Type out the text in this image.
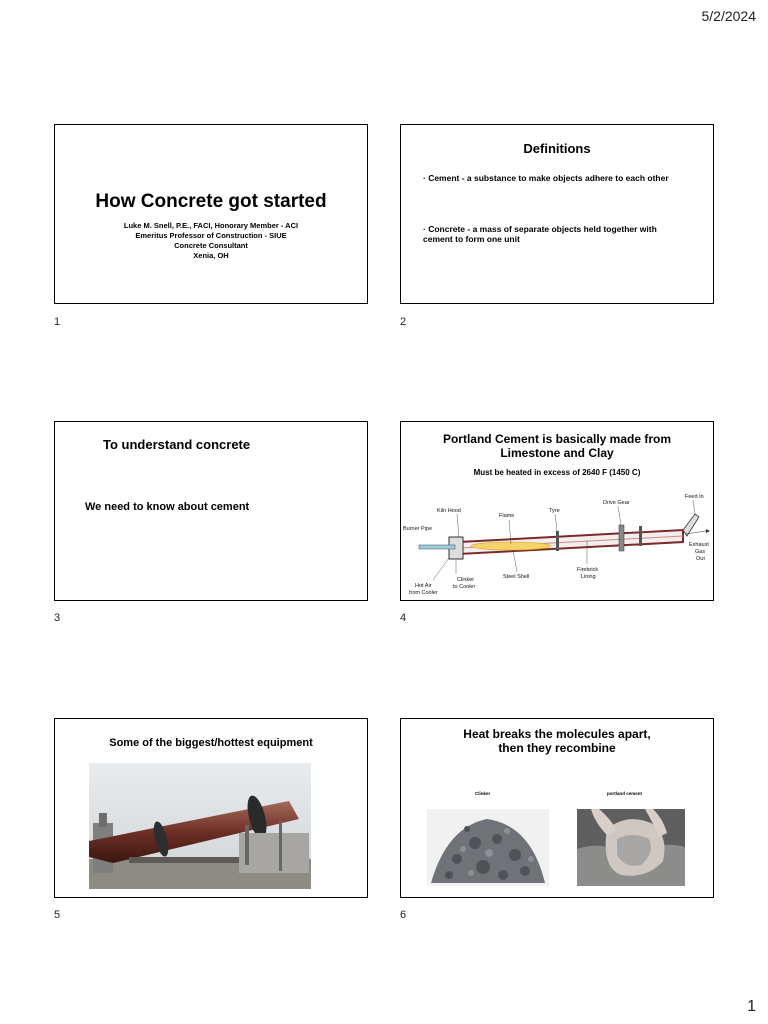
5/2/2024
How Concrete got started
Luke M. Snell, P.E., FACI, Honorary Member - ACI
Emeritus Professor of Construction - SIUE
Concrete Consultant
Xenia, OH
1
Definitions
· Cement - a substance to make objects adhere to each other
· Concrete - a mass of separate objects held together with cement to form one unit
2
To understand concrete
We need to know about cement
3
Portland Cement is basically made from
Limestone and Clay
Must be heated in excess of 2640 F (1450 C)
Kiln Hood
Flame
Tyre
Drive Gear
Feed In
Burner Pipe
Exhaust
Gas
Out
Firebrick
Lining
Steel Shell
Clinker
to Cooler
Hot Air
from Cooler
4
Some of the biggest/hottest equipment
5
Heat breaks the molecules apart,
then they recombine
Clinker	portland cement
6
1
